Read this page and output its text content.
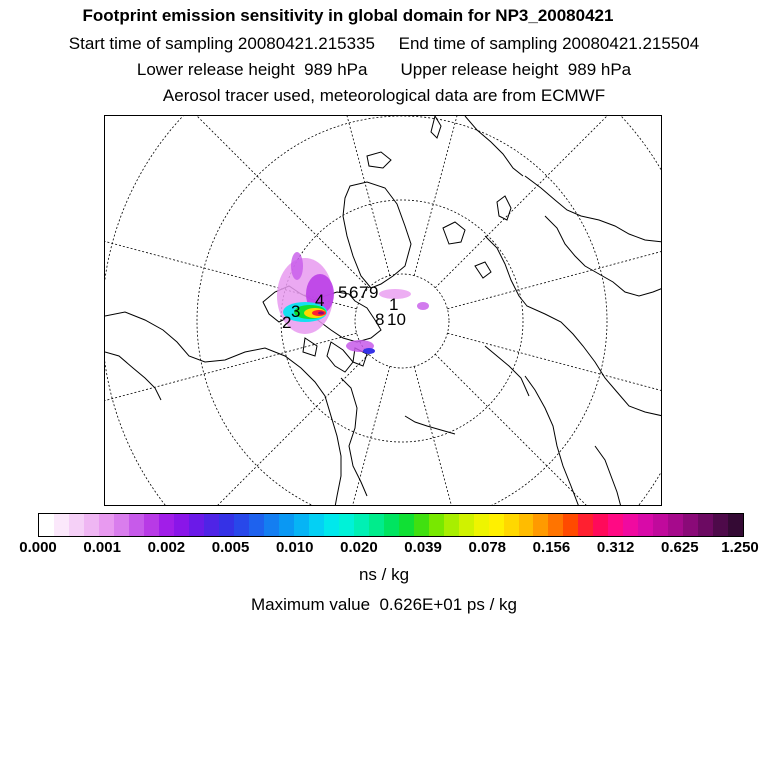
Footprint emission sensitivity in global domain for NP3_20080421
Start time of sampling 20080421.215335     End time of sampling 20080421.215504
Lower release height  989 hPa       Upper release height  989 hPa
Aerosol tracer used, meteorological data are from ECMWF
5 6 7
8
9
10
4
3
2
1
0.000 0.001 0.002 0.005 0.010 0.020 0.039 0.078 0.156 0.312 0.625 1.250
ns / kg
Maximum value  0.626E+01 ps / kg
